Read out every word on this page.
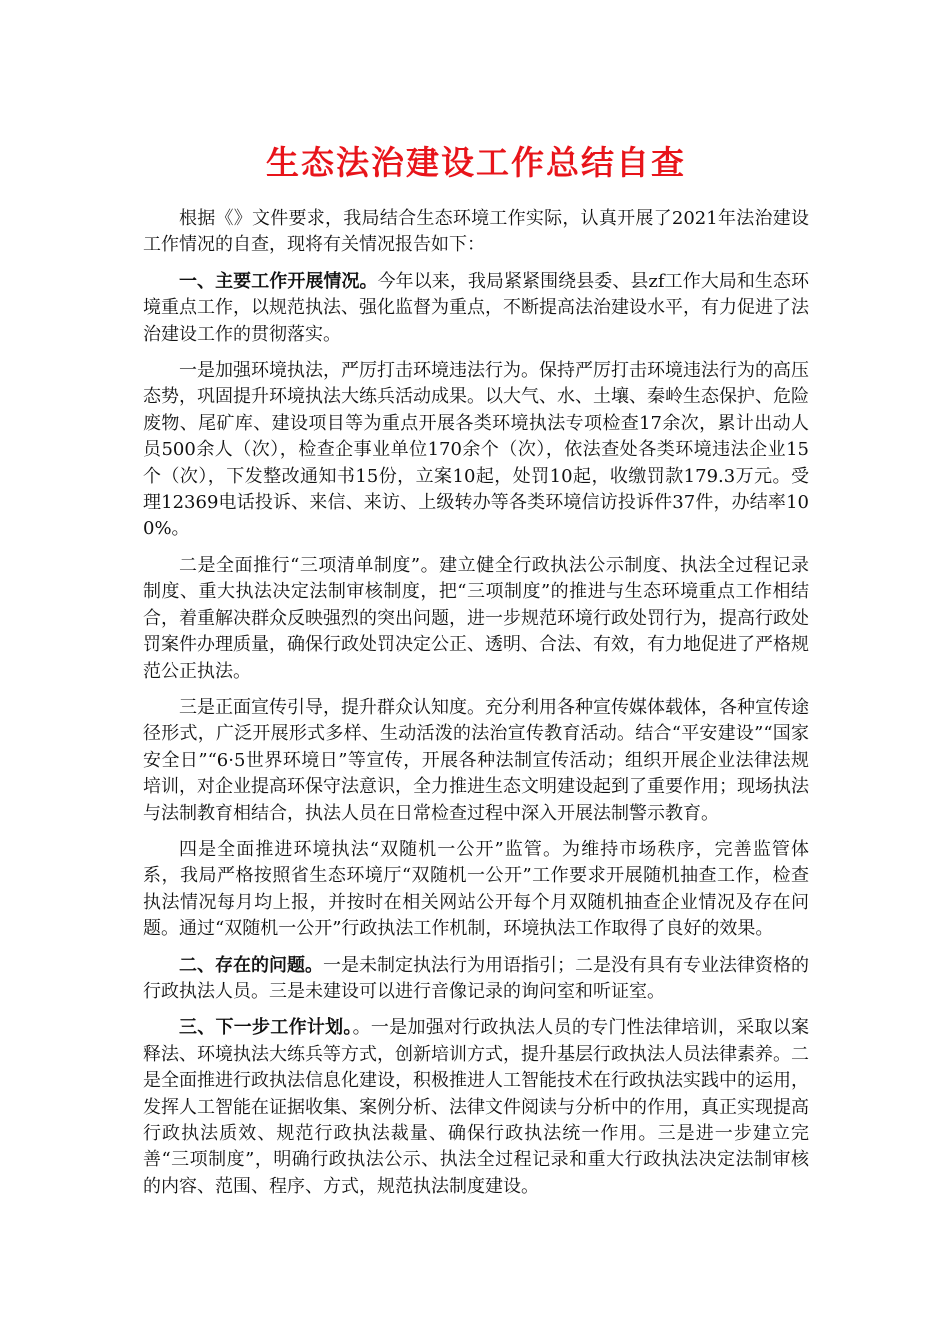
生态法治建设工作总结自查

根据《》文件要求，我局结合生态环境工作实际，认真开展了2021年法治建设工作情况的自查，现将有关情况报告如下：

一、主要工作开展情况。今年以来，我局紧紧围绕县委、县zf工作大局和生态环境重点工作，以规范执法、强化监督为重点，不断提高法治建设水平，有力促进了法治建设工作的贯彻落实。

一是加强环境执法，严厉打击环境违法行为。保持严厉打击环境违法行为的高压态势，巩固提升环境执法大练兵活动成果。以大气、水、土壤、秦岭生态保护、危险废物、尾矿库、建设项目等为重点开展各类环境执法专项检查17余次，累计出动人员500余人（次），检查企事业单位170余个（次），依法查处各类环境违法企业15个（次），下发整改通知书15份，立案10起，处罚10起，收缴罚款179.3万元。受理12369电话投诉、来信、来访、上级转办等各类环境信访投诉件37件，办结率100%。

二是全面推行“三项清单制度”。建立健全行政执法公示制度、执法全过程记录制度、重大执法决定法制审核制度，把“三项制度”的推进与生态环境重点工作相结合，着重解决群众反映强烈的突出问题，进一步规范环境行政处罚行为，提高行政处罚案件办理质量，确保行政处罚决定公正、透明、合法、有效，有力地促进了严格规范公正执法。

三是正面宣传引导，提升群众认知度。充分利用各种宣传媒体载体，各种宣传途径形式，广泛开展形式多样、生动活泼的法治宣传教育活动。结合“平安建设”“国家安全日”“6·5世界环境日”等宣传，开展各种法制宣传活动；组织开展企业法律法规培训，对企业提高环保守法意识，全力推进生态文明建设起到了重要作用；现场执法与法制教育相结合，执法人员在日常检查过程中深入开展法制警示教育。

四是全面推进环境执法“双随机一公开”监管。为维持市场秩序，完善监管体系，我局严格按照省生态环境厅“双随机一公开”工作要求开展随机抽查工作，检查执法情况每月均上报，并按时在相关网站公开每个月双随机抽查企业情况及存在问题。通过“双随机一公开”行政执法工作机制，环境执法工作取得了良好的效果。

二、存在的问题。一是未制定执法行为用语指引；二是没有具有专业法律资格的行政执法人员。三是未建设可以进行音像记录的询问室和听证室。

三、下一步工作计划。。一是加强对行政执法人员的专门性法律培训，采取以案释法、环境执法大练兵等方式，创新培训方式，提升基层行政执法人员法律素养。二是全面推进行政执法信息化建设，积极推进人工智能技术在行政执法实践中的运用，发挥人工智能在证据收集、案例分析、法律文件阅读与分析中的作用，真正实现提高行政执法质效、规范行政执法裁量、确保行政执法统一作用。三是进一步建立完善“三项制度”，明确行政执法公示、执法全过程记录和重大行政执法决定法制审核的内容、范围、程序、方式，规范执法制度建设。
